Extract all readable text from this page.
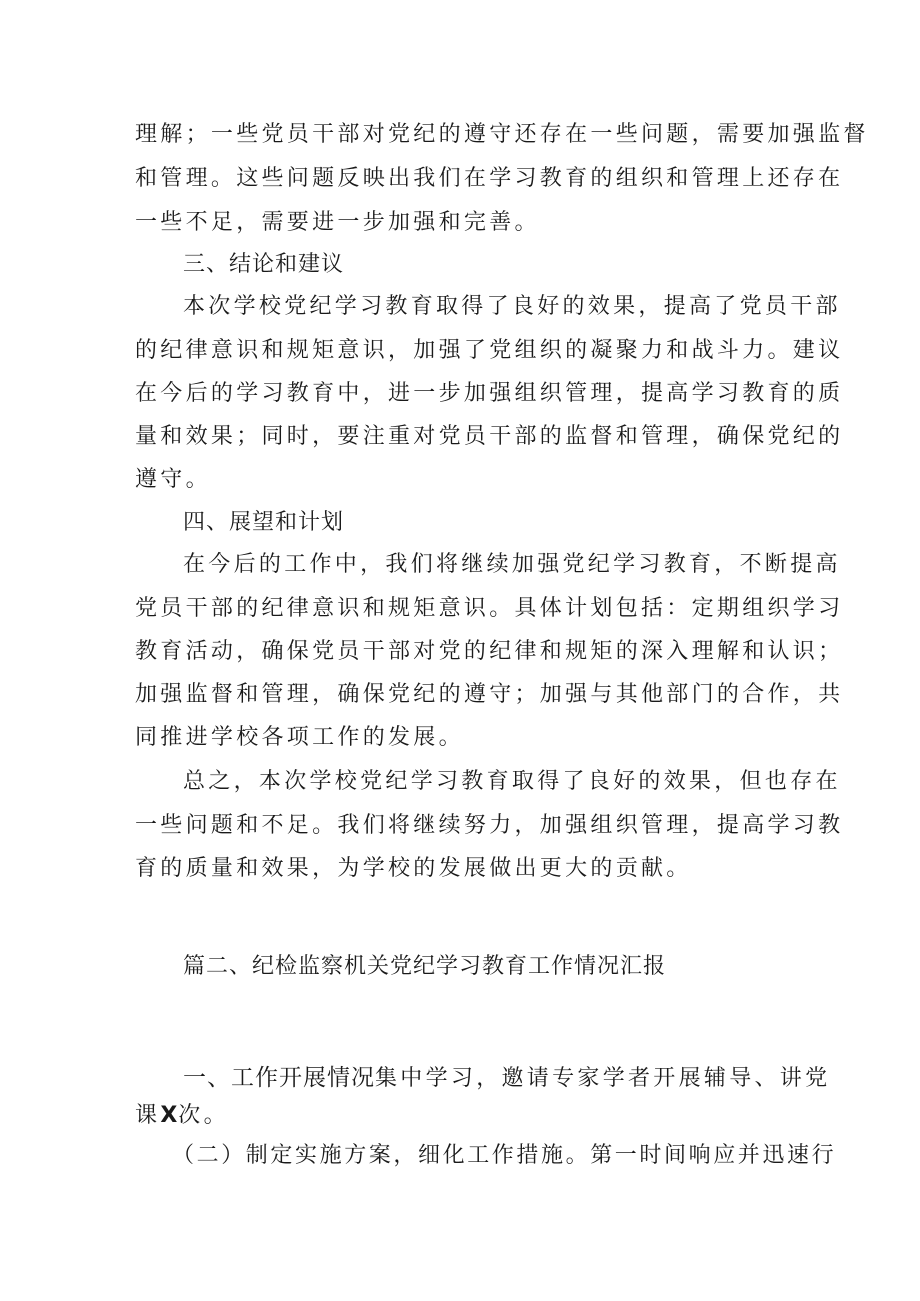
理解；一些党员干部对党纪的遵守还存在一些问题，需要加强监督
和管理。这些问题反映出我们在学习教育的组织和管理上还存在
一些不足，需要进一步加强和完善。
三、结论和建议
本次学校党纪学习教育取得了良好的效果，提高了党员干部
的纪律意识和规矩意识，加强了党组织的凝聚力和战斗力。建议
在今后的学习教育中，进一步加强组织管理，提高学习教育的质
量和效果；同时，要注重对党员干部的监督和管理，确保党纪的
遵守。
四、展望和计划
在今后的工作中，我们将继续加强党纪学习教育，不断提高
党员干部的纪律意识和规矩意识。具体计划包括：定期组织学习
教育活动，确保党员干部对党的纪律和规矩的深入理解和认识；
加强监督和管理，确保党纪的遵守；加强与其他部门的合作，共
同推进学校各项工作的发展。
总之，本次学校党纪学习教育取得了良好的效果，但也存在
一些问题和不足。我们将继续努力，加强组织管理，提高学习教
育的质量和效果，为学校的发展做出更大的贡献。
篇二、纪检监察机关党纪学习教育工作情况汇报
一、工作开展情况集中学习，邀请专家学者开展辅导、讲党
课X次。
（二）制定实施方案，细化工作措施。第一时间响应并迅速行
